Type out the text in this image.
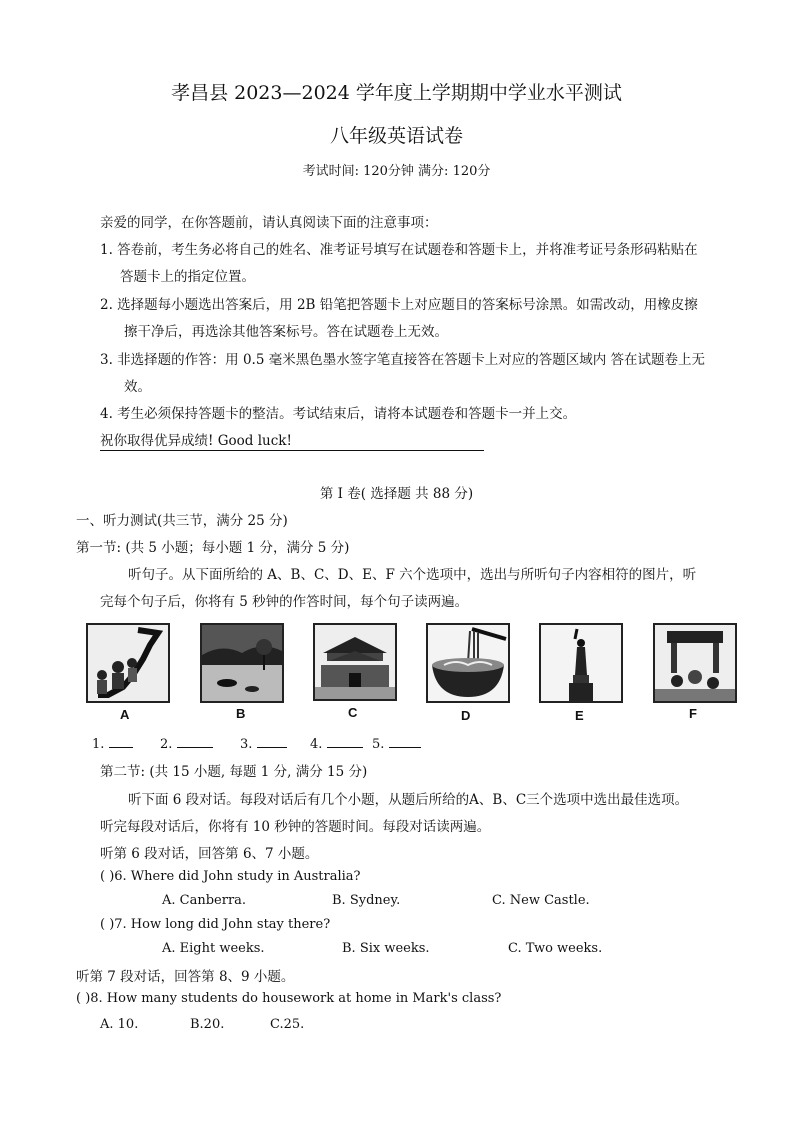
孝昌县 2023—2024 学年度上学期期中学业水平测试
八年级英语试卷
考试时间: 120分钟 满分: 120分
亲爱的同学，在你答题前，请认真阅读下面的注意事项：
1. 答卷前，考生务必将自己的姓名、准考证号填写在试题卷和答题卡上，并将准考证号条形码粘贴在
答题卡上的指定位置。
2. 选择题每小题选出答案后，用 2B 铅笔把答题卡上对应题目的答案标号涂黑。如需改动，用橡皮擦
擦干净后，再选涂其他答案标号。答在试题卷上无效。
3. 非选择题的作答：用 0.5 毫米黑色墨水签字笔直接答在答题卡上对应的答题区域内 答在试题卷上无
效。
4. 考生必须保持答题卡的整洁。考试结束后，请将本试题卷和答题卡一并上交。
祝你取得优异成绩! Good luck!
第 I 卷( 选择题 共 88 分)
一、听力测试(共三节，满分 25 分)
第一节: (共 5 小题；每小题 1 分，满分 5 分)
听句子。从下面所给的 A、B、C、D、E、F 六个选项中，选出与所听句子内容相符的图片，听
完每个句子后，你将有 5 秒钟的作答时间，每个句子读两遍。
A	B	C	D	E	F
1.	2.	3.	4.	5.
第二节: (共 15 小题, 每题 1 分, 满分 15 分)
听下面 6 段对话。每段对话后有几个小题，从题后所给的A、B、C三个选项中选出最佳选项。
听完每段对话后，你将有 10 秒钟的答题时间。每段对话读两遍。
听第 6 段对话，回答第 6、7 小题。
( )6. Where did John study in Australia?
A. Canberra.	B. Sydney.	C. New Castle.
( )7. How long did John stay there?
A. Eight weeks.	B. Six weeks.	C. Two weeks.
听第 7 段对话，回答第 8、9 小题。
( )8. How many students do housework at home in Mark's class?
A. 10.	B.20.	C.25.
